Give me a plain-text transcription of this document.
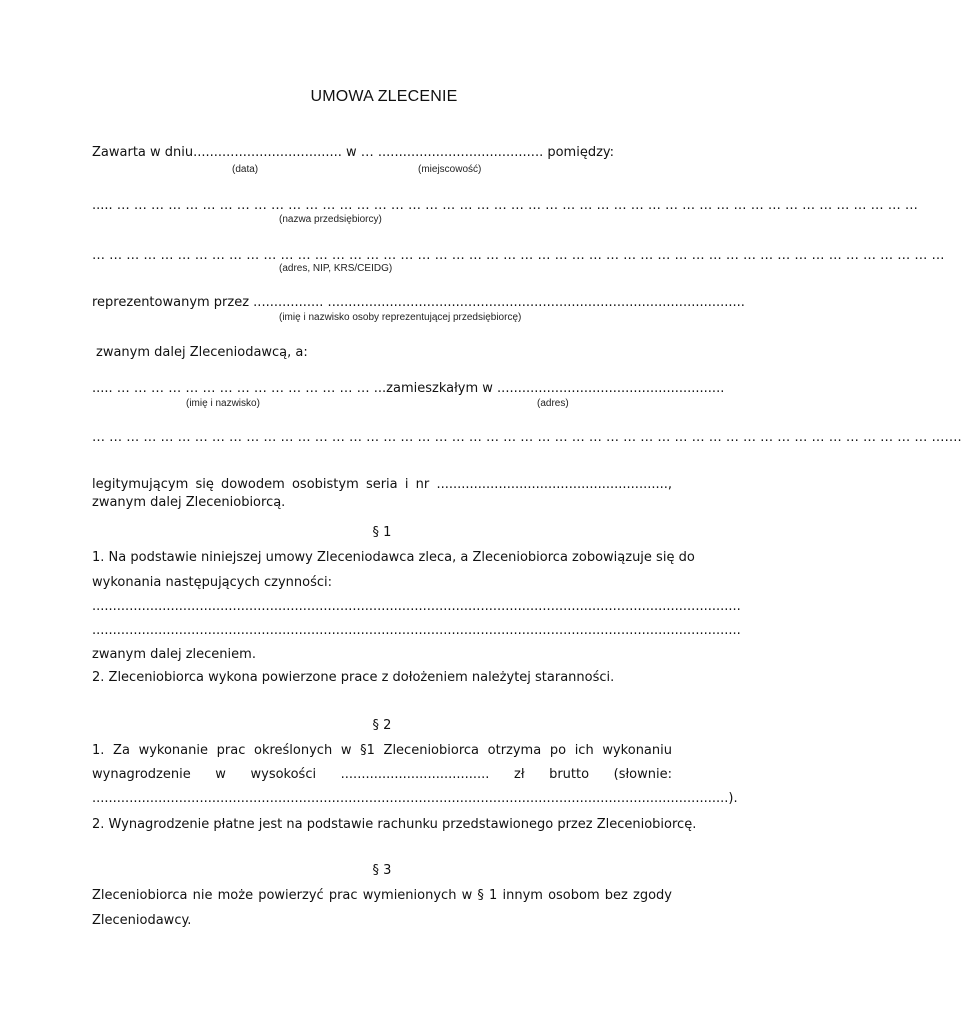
UMOWA ZLECENIE
Zawarta w dniu.................................... w … ........................................ pomiędzy:
(data)	(miejscowość)
..... … … … … … … … … … … … … … … … … … … … … … … … … … … … … … … … … … … … … … … … … … … … … … … …
(nazwa przedsiębiorcy)
… … … … … … … … … … … … … … … … … … … … … … … … … … … … … … … … … … … … … … … … … … … … … … … … … …
(adres, NIP, KRS/CEIDG)
reprezentowanym przez ................. .....................................................................................................
(imię i nazwisko osoby reprezentującej przedsiębiorcę)
zwanym dalej Zleceniodawcą, a:
..... … … … … … … … … … … … … … … … ...zamieszkałym w .......................................................
(imię i nazwisko)	(adres)
… … … … … … … … … … … … … … … … … … … … … … … … … … … … … … … … … … … … … … … … … … … … … … … … … …….
legitymującym się dowodem osobistym seria i nr ........................................................,
zwanym dalej Zleceniobiorcą.
§ 1
1. Na podstawie niniejszej umowy Zleceniodawca zleca, a Zleceniobiorca zobowiązuje się do
wykonania następujących czynności:
.............................................................................................................................................................
.............................................................................................................................................................
zwanym dalej zleceniem.
2. Zleceniobiorca wykona powierzone prace z dołożeniem należytej staranności.
§ 2
1. Za wykonanie prac określonych w §1 Zleceniobiorca otrzyma po ich wykonaniu
wynagrodzenie w wysokości .................................... zł brutto (słownie:
..........................................................................................................................................................).
2. Wynagrodzenie płatne jest na podstawie rachunku przedstawionego przez Zleceniobiorcę.
§ 3
Zleceniobiorca nie może powierzyć prac wymienionych w § 1 innym osobom bez zgody
Zleceniodawcy.
